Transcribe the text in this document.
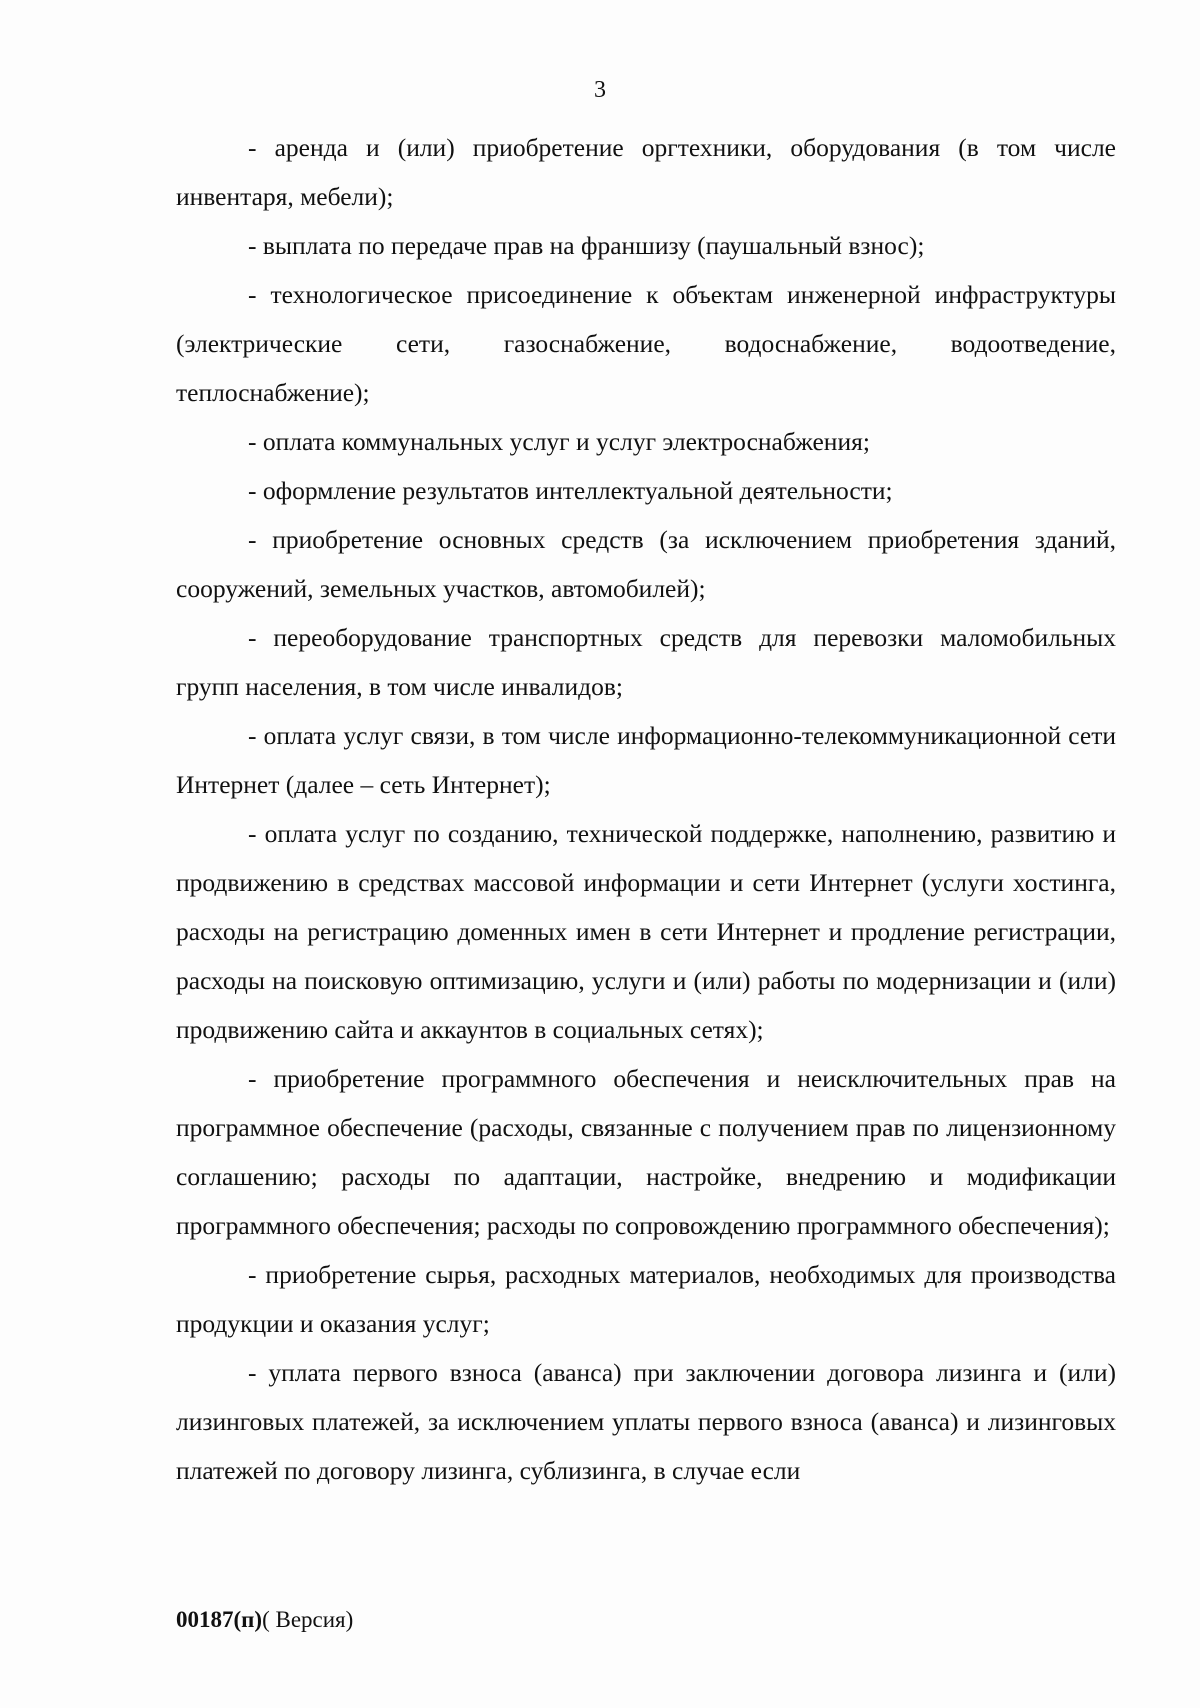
3

- аренда и (или) приобретение оргтехники, оборудования (в том числе инвентаря, мебели);

- выплата по передаче прав на франшизу (паушальный взнос);

- технологическое присоединение к объектам инженерной инфраструктуры (электрические сети, газоснабжение, водоснабжение, водоотведение, теплоснабжение);

- оплата коммунальных услуг и услуг электроснабжения;

- оформление результатов интеллектуальной деятельности;

- приобретение основных средств (за исключением приобретения зданий, сооружений, земельных участков, автомобилей);

- переоборудование транспортных средств для перевозки маломобильных групп населения, в том числе инвалидов;

- оплата услуг связи, в том числе информационно-телекоммуникационной сети Интернет (далее – сеть Интернет);

- оплата услуг по созданию, технической поддержке, наполнению, развитию и продвижению в средствах массовой информации и сети Интернет (услуги хостинга, расходы на регистрацию доменных имен в сети Интернет и продление регистрации, расходы на поисковую оптимизацию, услуги и (или) работы по модернизации и (или) продвижению сайта и аккаунтов в социальных сетях);

- приобретение программного обеспечения и неисключительных прав на программное обеспечение (расходы, связанные с получением прав по лицензионному соглашению; расходы по адаптации, настройке, внедрению и модификации программного обеспечения; расходы по сопровождению программного обеспечения);

- приобретение сырья, расходных материалов, необходимых для производства продукции и оказания услуг;

- уплата первого взноса (аванса) при заключении договора лизинга и (или) лизинговых платежей, за исключением уплаты первого взноса (аванса) и лизинговых платежей по договору лизинга, сублизинга, в случае если

00187(п)( Версия)
